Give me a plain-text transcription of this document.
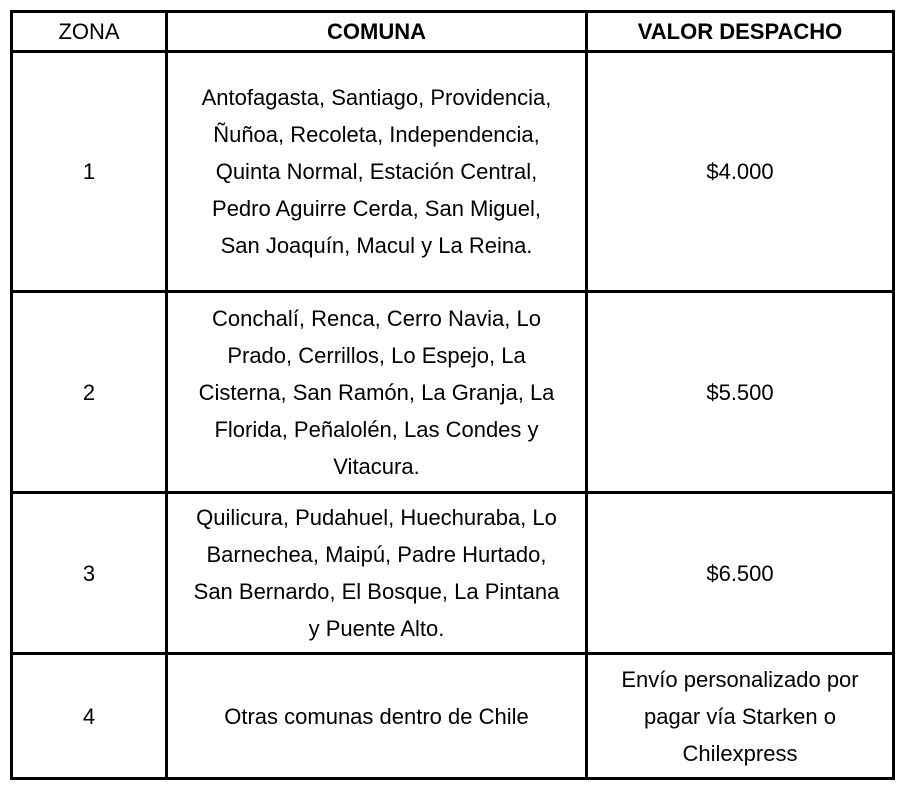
ZONA	COMUNA	VALOR DESPACHO
1	Antofagasta, Santiago, Providencia,
Ñuñoa, Recoleta, Independencia,
Quinta Normal, Estación Central,
Pedro Aguirre Cerda, San Miguel,
San Joaquín, Macul y La Reina.	$4.000

2	Conchalí, Renca, Cerro Navia, Lo
Prado, Cerrillos, Lo Espejo, La
Cisterna, San Ramón, La Granja, La
Florida, Peñalolén, Las Condes y
Vitacura.	$5.500

3	Quilicura, Pudahuel, Huechuraba, Lo
Barnechea, Maipú, Padre Hurtado,
San Bernardo, El Bosque, La Pintana
y Puente Alto.	$6.500

4	Otras comunas dentro de Chile	Envío personalizado por
pagar vía Starken o
Chilexpress
